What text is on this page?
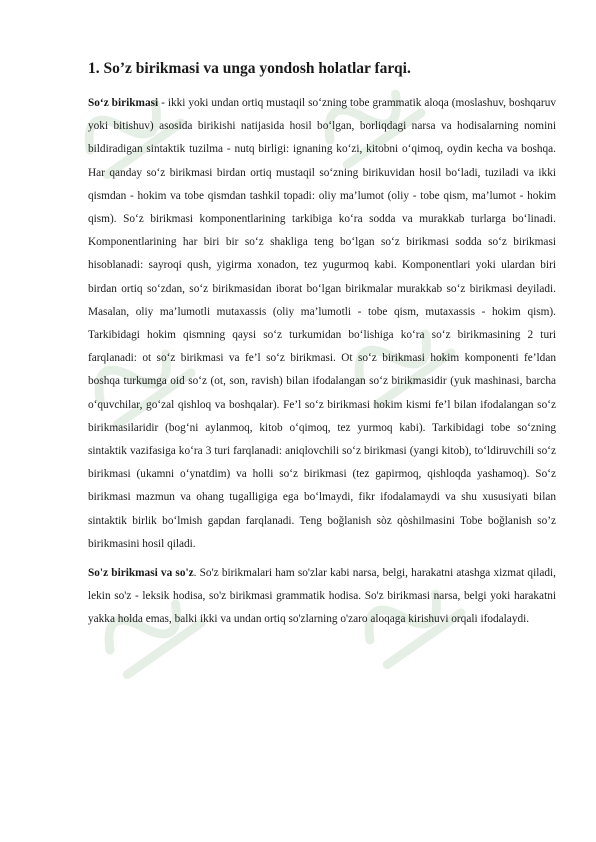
1. So’z birikmasi va unga yondosh holatlar farqi.

So‘z birikmasi - ikki yoki undan ortiq mustaqil so‘zning tobe grammatik aloqa (moslashuv, boshqaruv yoki bitishuv) asosida birikishi natijasida hosil bo‘lgan, borliqdagi narsa va hodisalarning nomini bildiradigan sintaktik tuzilma - nutq birligi: ignaning ko‘zi, kitobni o‘qimoq, oydin kecha va boshqa. Har qanday so‘z birikmasi birdan ortiq mustaqil so‘zning birikuvidan hosil bo‘ladi, tuziladi va ikki qismdan - hokim va tobe qismdan tashkil topadi: oliy ma’lumot (oliy - tobe qism, ma’lumot - hokim qism). So‘z birikmasi komponentlarining tarkibiga ko‘ra sodda va murakkab turlarga bo‘linadi. Komponentlarining har biri bir so‘z shakliga teng bo‘lgan so‘z birikmasi sodda so‘z birikmasi hisoblanadi: sayroqi qush, yigirma xonadon, tez yugurmoq kabi. Komponentlari yoki ulardan biri birdan ortiq so‘zdan, so‘z birikmasidan iborat bo‘lgan birikmalar murakkab so‘z birikmasi deyiladi. Masalan, oliy ma’lumotli mutaxassis (oliy ma’lumotli - tobe qism, mutaxassis - hokim qism). Tarkibidagi hokim qismning qaysi so‘z turkumidan bo‘lishiga ko‘ra so‘z birikmasining 2 turi farqlanadi: ot so‘z birikmasi va fe’l so‘z birikmasi. Ot so‘z birikmasi hokim komponenti fe’ldan boshqa turkumga oid so‘z (ot, son, ravish) bilan ifodalangan so‘z birikmasidir (yuk mashinasi, barcha o‘quvchilar, go‘zal qishloq va boshqalar). Fe’l so‘z birikmasi hokim kismi fe’l bilan ifodalangan so‘z birikmasilaridir (bog‘ni aylanmoq, kitob o‘qimoq, tez yurmoq kabi). Tarkibidagi tobe so‘zning sintaktik vazifasiga ko‘ra 3 turi farqlanadi: aniqlovchili so‘z birikmasi (yangi kitob), to‘ldiruvchili so‘z birikmasi (ukamni o‘ynatdim) va holli so‘z birikmasi (tez gapirmoq, qishloqda yashamoq). So‘z birikmasi mazmun va ohang tugalligiga ega bo‘lmaydi, fikr ifodalamaydi va shu xususiyati bilan sintaktik birlik bo‘lmish gapdan farqlanadi. Teng boğlanish sòz qòshilmasini Tobe boğlanish so’z birikmasini hosil qiladi.

So'z birikmasi va so'z. So'z birikmalari ham so'zlar kabi narsa, belgi, harakatni atashga xizmat qiladi, lekin so'z - leksik hodisa, so'z birikmasi grammatik hodisa. So'z birikmasi narsa, belgi yoki harakatni yakka holda emas, balki ikki va undan ortiq so'zlarning o'zaro aloqaga kirishuvi orqali ifodalaydi.
